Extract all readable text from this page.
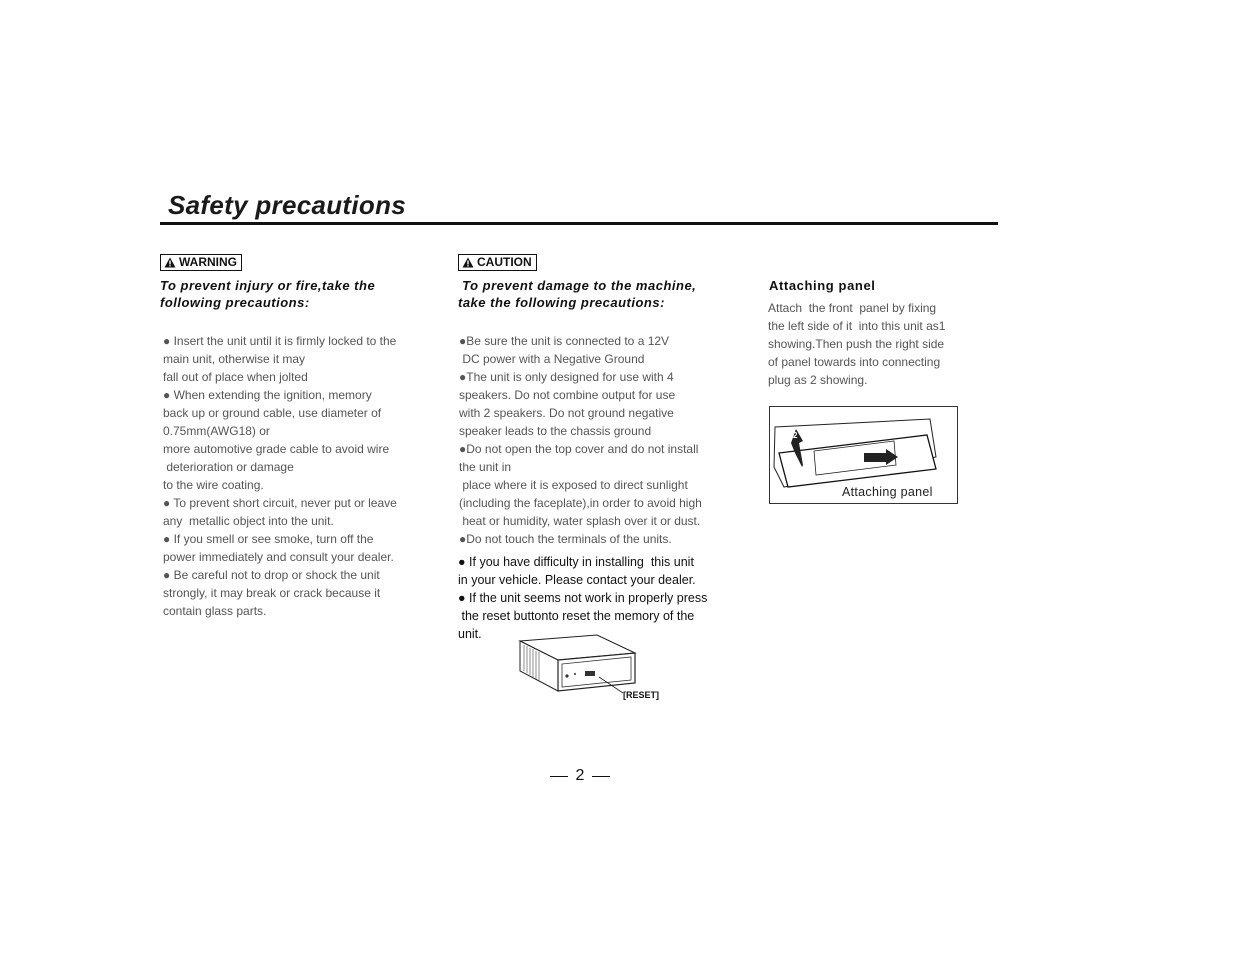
Safety precautions
WARNING
To prevent injury or fire,take the
following precautions:
● Insert the unit until it is firmly locked to the
main unit, otherwise it may
fall out of place when jolted
● When extending the ignition, memory
back up or ground cable, use diameter of
0.75mm(AWG18) or
more automotive grade cable to avoid wire
deterioration or damage
to the wire coating.
● To prevent short circuit, never put or leave
any  metallic object into the unit.
● If you smell or see smoke, turn off the
power immediately and consult your dealer.
● Be careful not to drop or shock the unit
strongly, it may break or crack because it
contain glass parts.
CAUTION
To prevent damage to the machine,
take the following precautions:
●Be sure the unit is connected to a 12V
DC power with a Negative Ground
●The unit is only designed for use with 4
speakers. Do not combine output for use
with 2 speakers. Do not ground negative
speaker leads to the chassis ground
●Do not open the top cover and do not install
the unit in
place where it is exposed to direct sunlight
(including the faceplate),in order to avoid high
heat or humidity, water splash over it or dust.
●Do not touch the terminals of the units.
● If you have difficulty in installing  this unit
in your vehicle. Please contact your dealer.
● If the unit seems not work in properly press
the reset buttonto reset the memory of the
unit.
[RESET]
Attaching panel
Attach  the front  panel by fixing
the left side of it  into this unit as1
showing.Then push the right side
of panel towards into connecting
plug as 2 showing.
2
Attaching panel
2
